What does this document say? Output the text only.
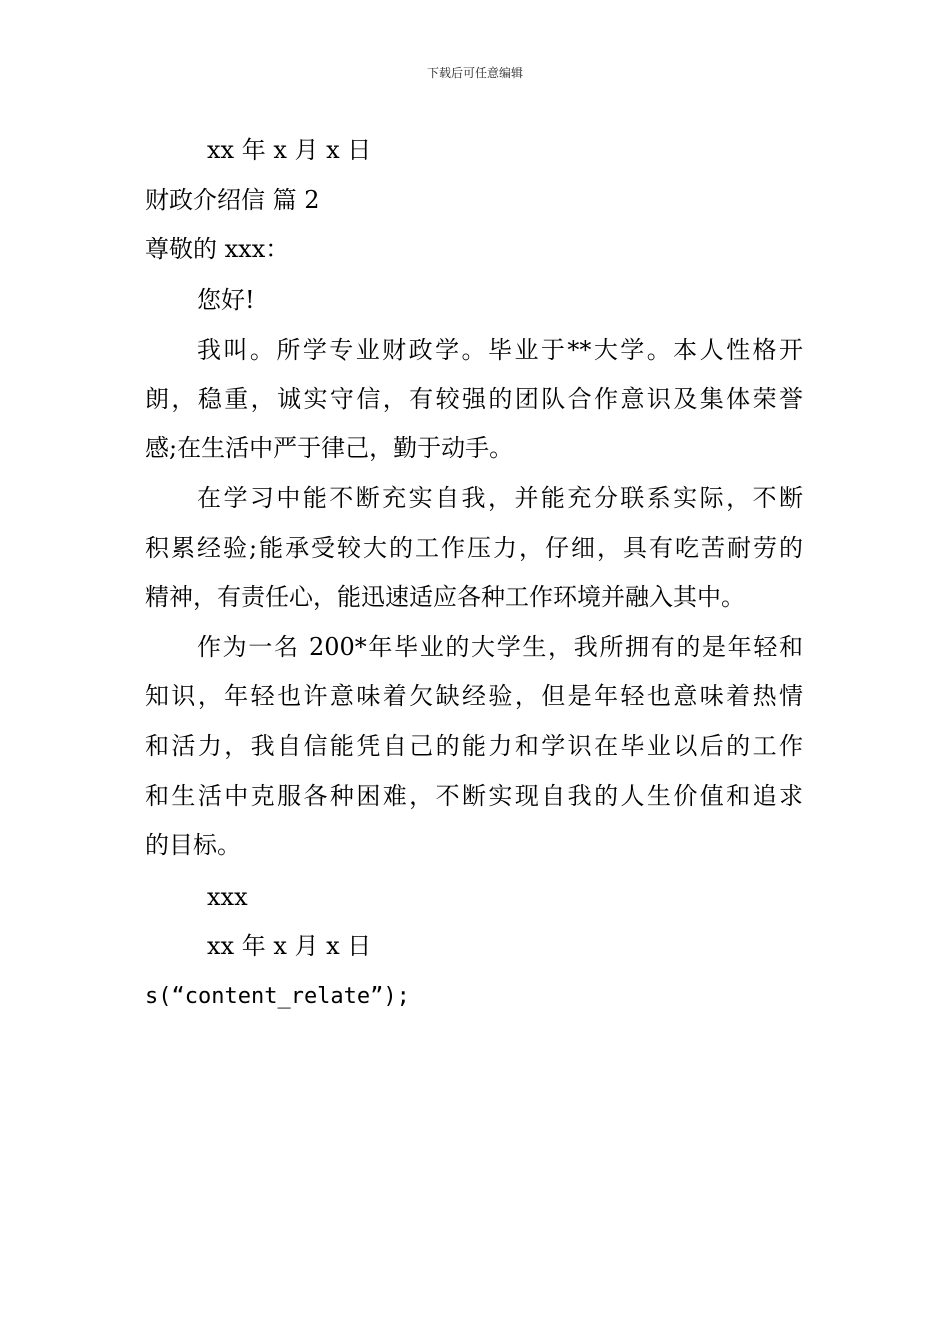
下载后可任意编辑
xx 年 x 月 x 日
财政介绍信 篇 2
尊敬的 xxx：
您好!
我叫。所学专业财政学。毕业于**大学。本人性格开
朗，稳重，诚实守信，有较强的团队合作意识及集体荣誉
感;在生活中严于律己，勤于动手。
在学习中能不断充实自我，并能充分联系实际，不断
积累经验;能承受较大的工作压力，仔细，具有吃苦耐劳的
精神，有责任心，能迅速适应各种工作环境并融入其中。
作为一名 200*年毕业的大学生，我所拥有的是年轻和
知识，年轻也许意味着欠缺经验，但是年轻也意味着热情
和活力，我自信能凭自己的能力和学识在毕业以后的工作
和生活中克服各种困难，不断实现自我的人生价值和追求
的目标。
xxx
xx 年 x 月 x 日
s(“content_relate”);
